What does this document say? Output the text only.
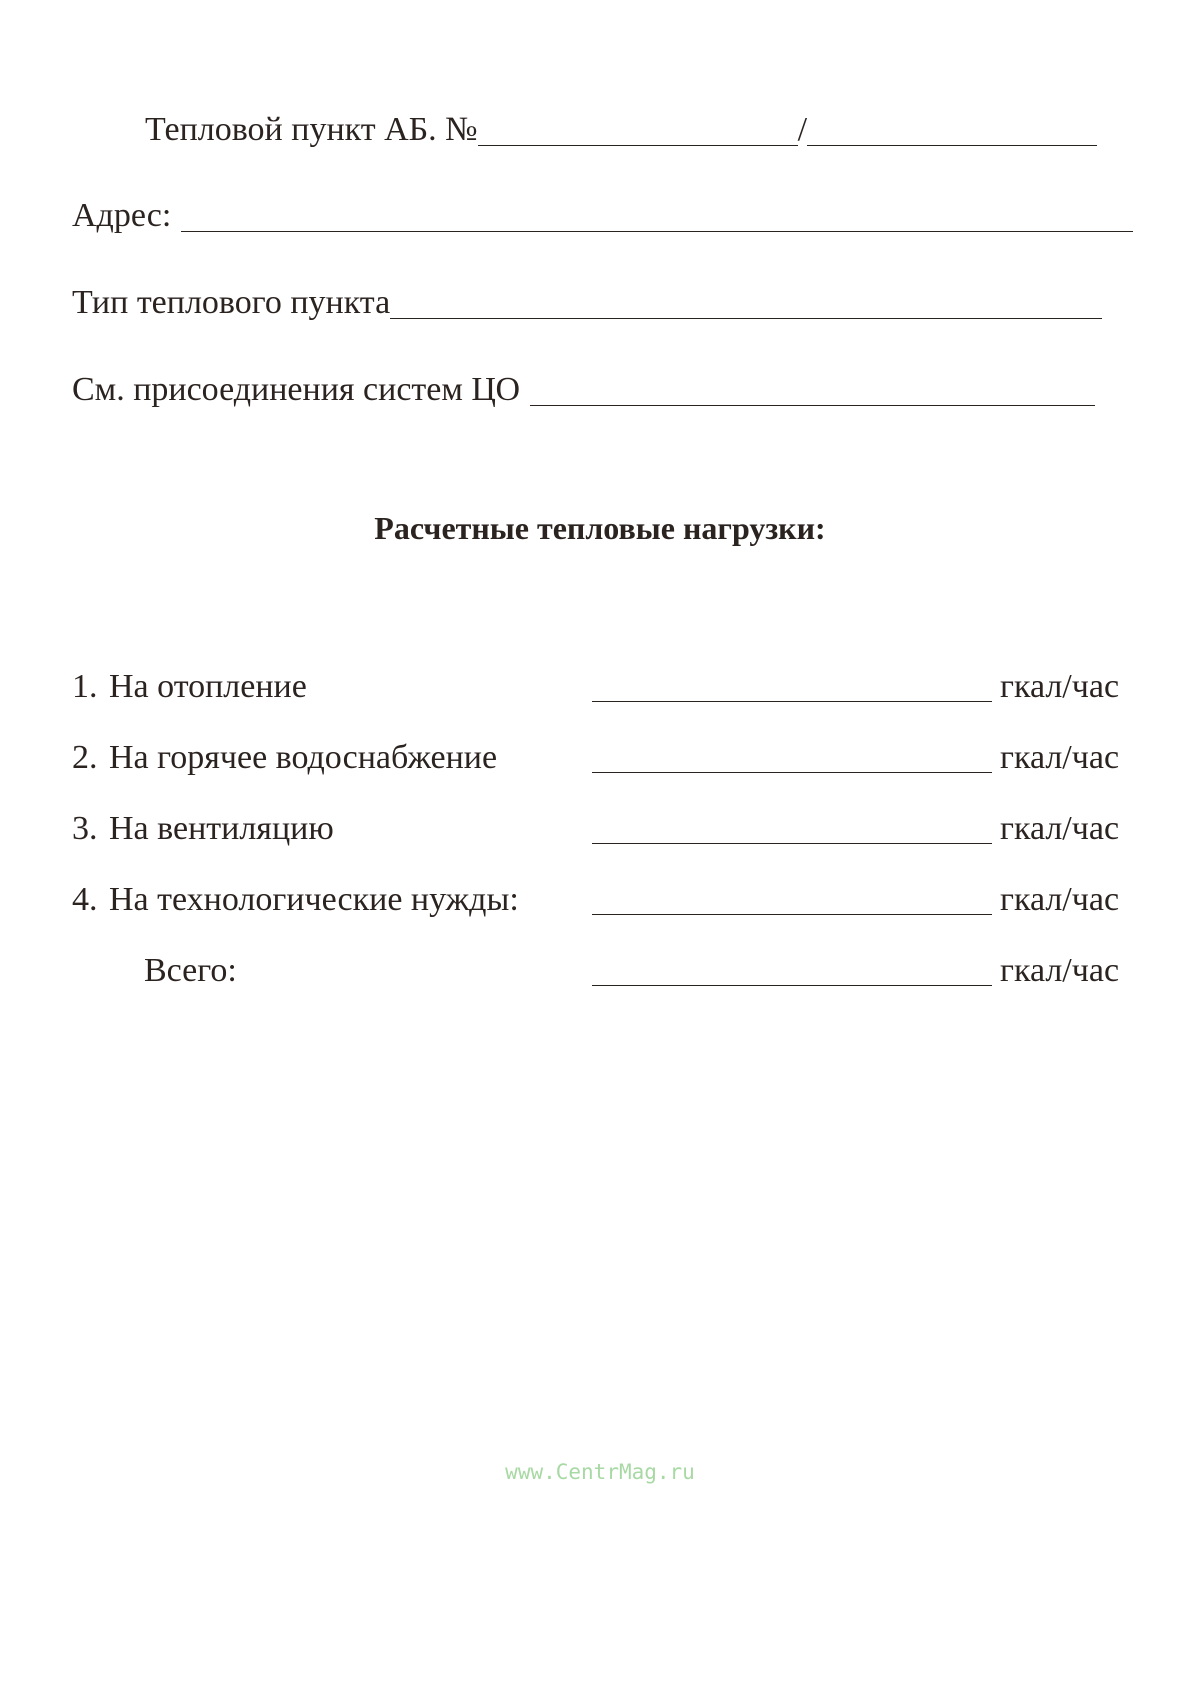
Тепловой пункт АБ. №	/
Адрес:
Тип теплового пункта
См. присоединения систем ЦО
Расчетные тепловые нагрузки:
1. На отопление	гкал/час
2. На горячее водоснабжение	гкал/час
3. На вентиляцию	гкал/час
4. На технологические нужды:	гкал/час
Всего:	гкал/час
www.CentrMag.ru
